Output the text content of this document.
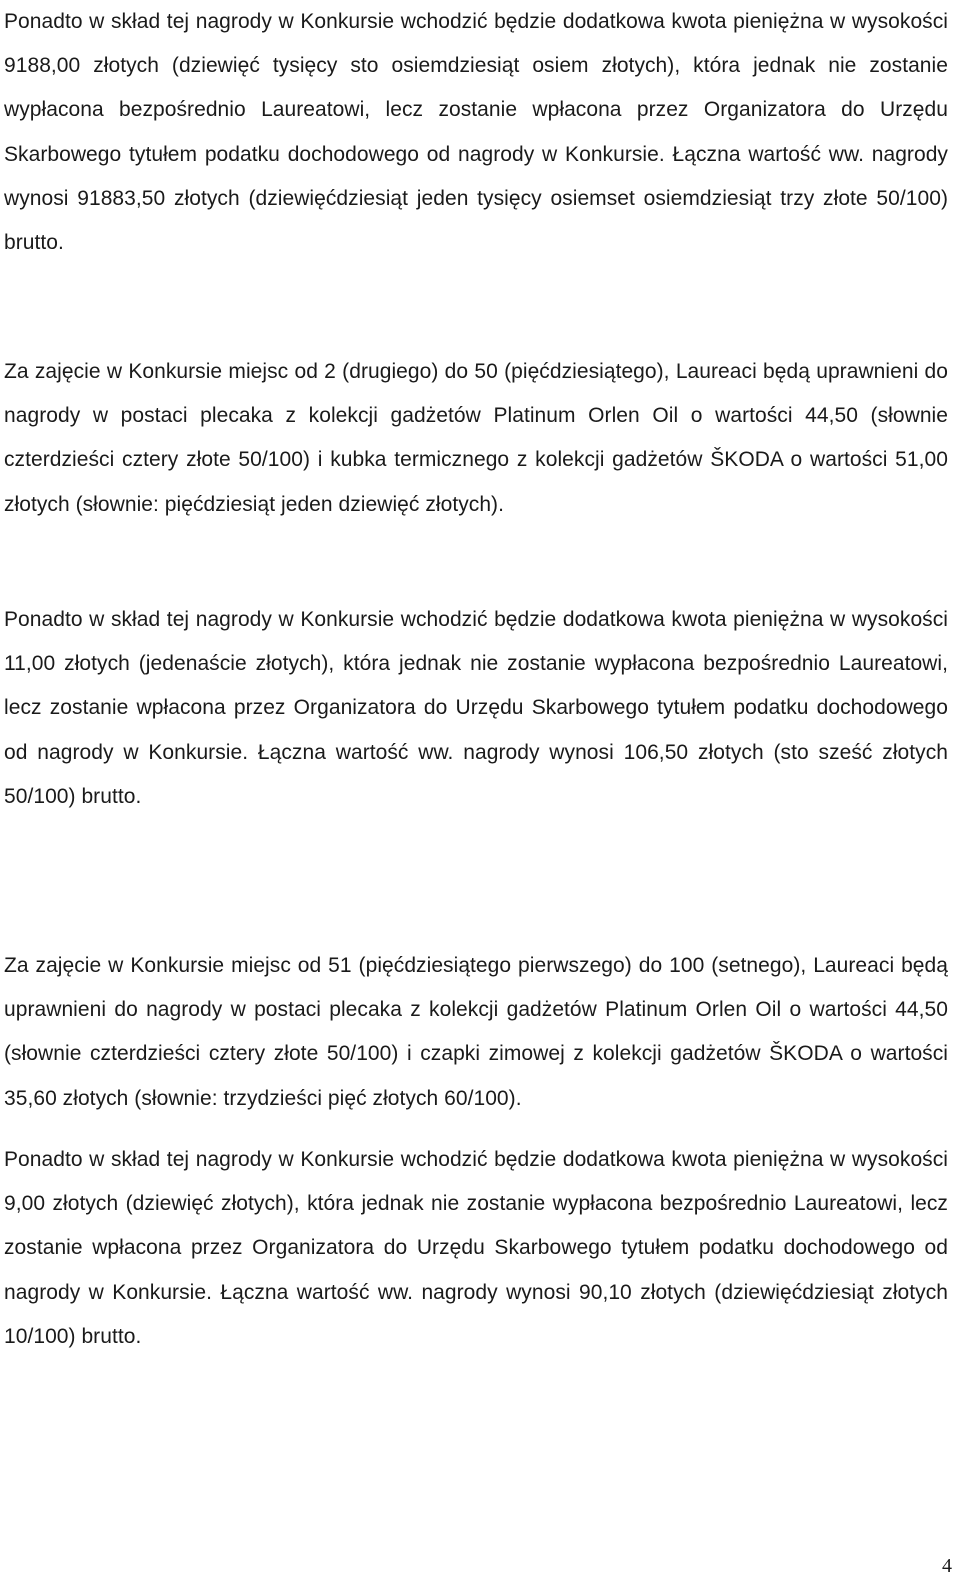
Ponadto w skład tej nagrody w Konkursie wchodzić będzie dodatkowa kwota pieniężna w wysokości 9188,00 złotych (dziewięć tysięcy sto osiemdziesiąt osiem złotych), która jednak nie zostanie wypłacona bezpośrednio Laureatowi, lecz zostanie wpłacona przez Organizatora do Urzędu Skarbowego tytułem podatku dochodowego od nagrody w Konkursie. Łączna wartość ww. nagrody wynosi 91883,50 złotych (dziewięćdziesiąt jeden tysięcy osiemset osiemdziesiąt trzy złote 50/100) brutto.

Za zajęcie w Konkursie miejsc od 2 (drugiego) do 50 (pięćdziesiątego), Laureaci będą uprawnieni do nagrody w postaci plecaka z kolekcji gadżetów Platinum Orlen Oil o wartości 44,50 (słownie czterdzieści cztery złote 50/100) i kubka termicznego z kolekcji gadżetów ŠKODA o wartości 51,00 złotych (słownie: pięćdziesiąt jeden dziewięć złotych).

Ponadto w skład tej nagrody w Konkursie wchodzić będzie dodatkowa kwota pieniężna w wysokości 11,00 złotych (jedenaście złotych), która jednak nie zostanie wypłacona bezpośrednio Laureatowi, lecz zostanie wpłacona przez Organizatora do Urzędu Skarbowego tytułem podatku dochodowego od nagrody w Konkursie. Łączna wartość ww. nagrody wynosi 106,50 złotych (sto sześć złotych 50/100) brutto.

Za zajęcie w Konkursie miejsc od 51 (pięćdziesiątego pierwszego) do 100 (setnego), Laureaci będą uprawnieni do nagrody w postaci plecaka z kolekcji gadżetów Platinum Orlen Oil o wartości 44,50 (słownie czterdzieści cztery złote 50/100) i czapki zimowej z kolekcji gadżetów ŠKODA o wartości 35,60 złotych (słownie: trzydzieści pięć złotych 60/100).

Ponadto w skład tej nagrody w Konkursie wchodzić będzie dodatkowa kwota pieniężna w wysokości 9,00 złotych (dziewięć złotych), która jednak nie zostanie wypłacona bezpośrednio Laureatowi, lecz zostanie wpłacona przez Organizatora do Urzędu Skarbowego tytułem podatku dochodowego od nagrody w Konkursie. Łączna wartość ww. nagrody wynosi 90,10 złotych (dziewięćdziesiąt złotych 10/100) brutto.

4
